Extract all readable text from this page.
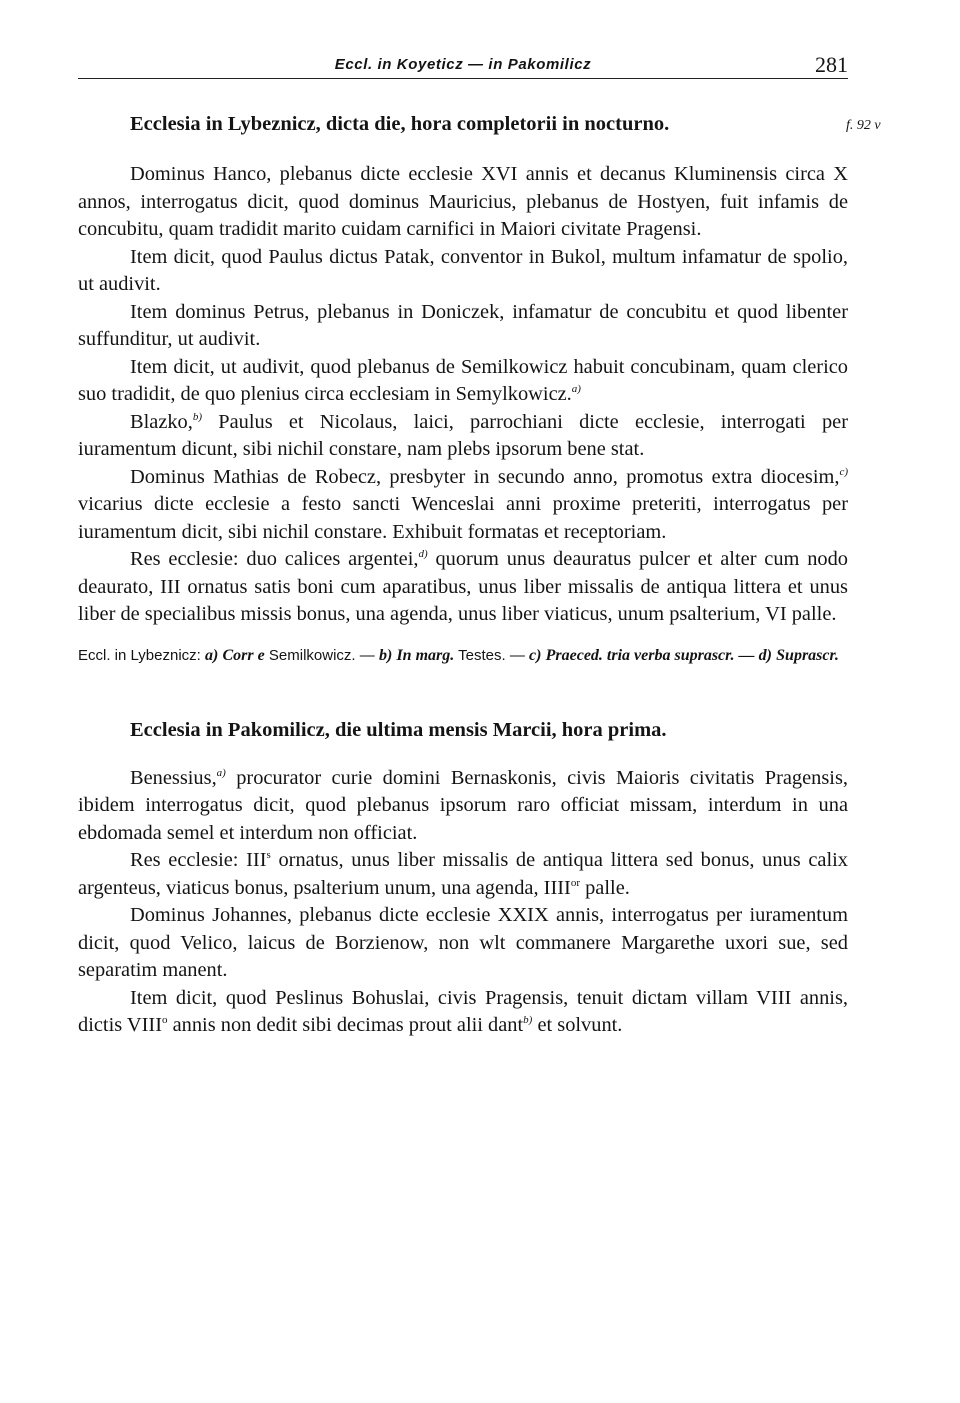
Eccl. in Koyeticz — in Pakomilicz	281
Ecclesia in Lybeznicz, dicta die, hora completorii in nocturno.	f. 92 v

Dominus Hanco, plebanus dicte ecclesie XVI annis et decanus Kluminensis circa X annos, interrogatus dicit, quod dominus Mauricius, plebanus de Hostyen, fuit infamis de concubitu, quam tradidit marito cuidam carnifici in Maiori civitate Pragensi.

Item dicit, quod Paulus dictus Patak, conventor in Bukol, multum infamatur de spolio, ut audivit.

Item dominus Petrus, plebanus in Doniczek, infamatur de concubitu et quod libenter suffunditur, ut audivit.

Item dicit, ut audivit, quod plebanus de Semilkowicz habuit concubinam, quam clerico suo tradidit, de quo plenius circa ecclesiam in Semylkowicz.$^{a)}$

Blazko,$^{b)}$ Paulus et Nicolaus, laici, parrochiani dicte ecclesie, interrogati per iuramentum dicunt, sibi nichil constare, nam plebs ipsorum bene stat.

Dominus Mathias de Robecz, presbyter in secundo anno, promotus extra diocesim,$^{c)}$ vicarius dicte ecclesie a festo sancti Wenceslai anni proxime preteriti, interrogatus per iuramentum dicit, sibi nichil constare. Exhibuit formatas et receptoriam.

Res ecclesie: duo calices argentei,$^{d)}$ quorum unus deauratus pulcer et alter cum nodo deaurato, III ornatus satis boni cum aparatibus, unus liber missalis de antiqua littera et unus liber de specialibus missis bonus, una agenda, unus liber viaticus, unum psalterium, VI palle.

Eccl. in Lybeznicz: a) Corr e Semilkowicz. — b) In marg. Testes. — c) Praeced. tria verba suprascr. — d) Suprascr.
Ecclesia in Pakomilicz, die ultima mensis Marcii, hora prima.

Benessius,$^{a)}$ procurator curie domini Bernaskonis, civis Maioris civitatis Pragensis, ibidem interrogatus dicit, quod plebanus ipsorum raro officiat missam, interdum in una ebdomada semel et interdum non officiat.

Res ecclesie: III$^s$ ornatus, unus liber missalis de antiqua littera sed bonus, unus calix argenteus, viaticus bonus, psalterium unum, una agenda, $IIII^{or}$ palle.

Dominus Johannes, plebanus dicte ecclesie XXIX annis, interrogatus per iuramentum dicit, quod Velico, laicus de Borzienow, non wlt commanere Margarethe uxori sue, sed separatim manent.

Item dicit, quod Peslinus Bohuslai, civis Pragensis, tenuit dictam villam VIII annis, dictis VIII$^o$ annis non dedit sibi decimas prout alii dant$^{b)}$ et solvunt.
